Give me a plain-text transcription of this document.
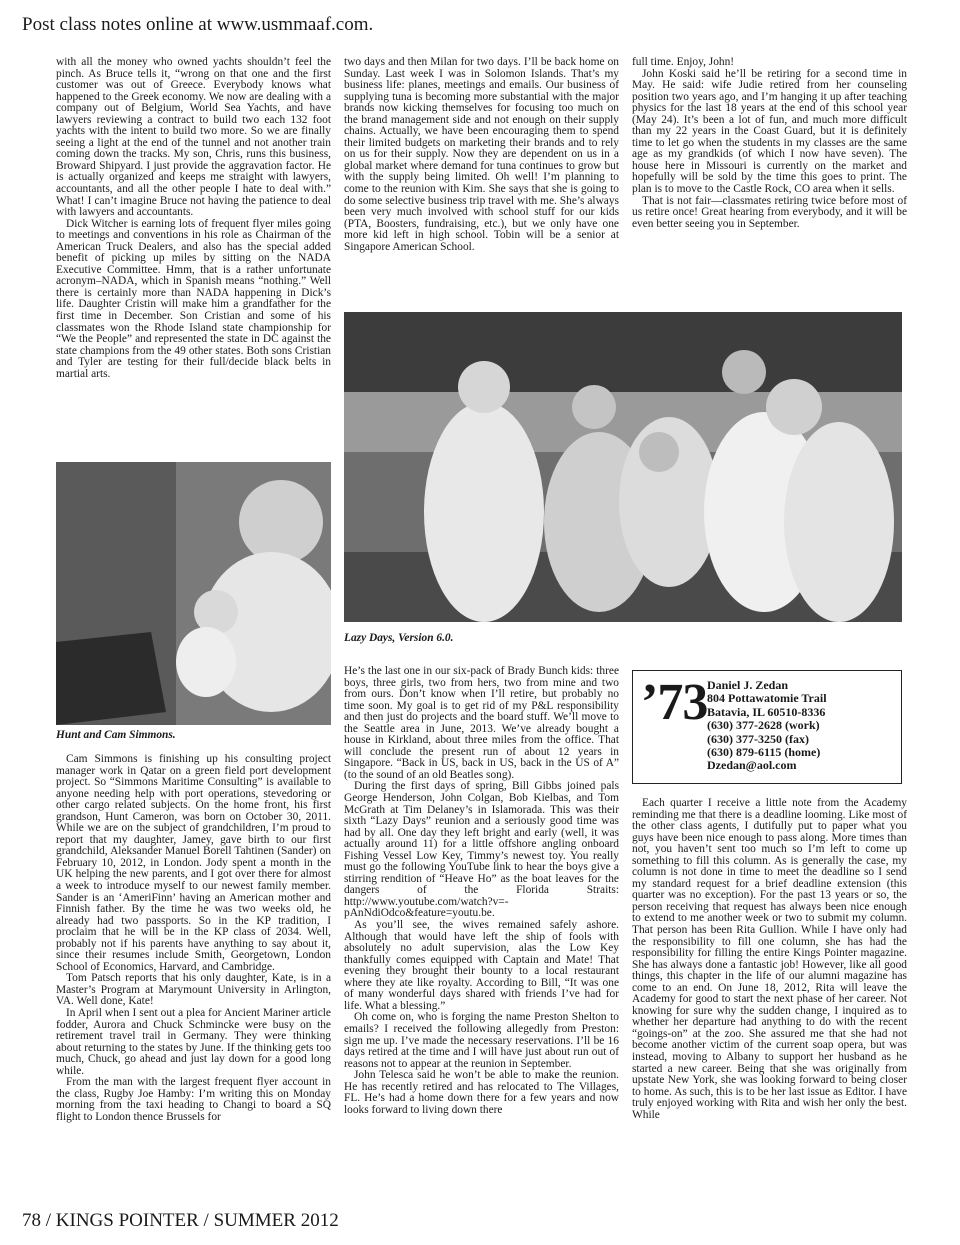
Post class notes online at www.usmmaaf.com.

with all the money who owned yachts shouldn’t feel the pinch. As Bruce tells it, “wrong on that one and the first customer was out of Greece. Everybody knows what happened to the Greek economy. We now are dealing with a company out of Belgium, World Sea Yachts, and have lawyers reviewing a contract to build two each 132 foot yachts with the intent to build two more. So we are finally seeing a light at the end of the tunnel and not another train coming down the tracks. My son, Chris, runs this business, Broward Shipyard. I just provide the aggravation factor. He is actually organized and keeps me straight with lawyers, accountants, and all the other people I hate to deal with.” What! I can’t imagine Bruce not having the patience to deal with lawyers and accountants.

Dick Witcher is earning lots of frequent flyer miles going to meetings and conventions in his role as Chairman of the American Truck Dealers, and also has the special added benefit of picking up miles by sitting on the NADA Executive Committee. Hmm, that is a rather unfortunate acronym–NADA, which in Spanish means “nothing.” Well there is certainly more than NADA happening in Dick’s life. Daughter Cristin will make him a grandfather for the first time in December. Son Cristian and some of his classmates won the Rhode Island state championship for “We the People” and represented the state in DC against the state champions from the 49 other states. Both sons Cristian and Tyler are testing for their full/decide black belts in martial arts.

Hunt and Cam Simmons.

Cam Simmons is finishing up his consulting project manager work in Qatar on a green field port development project. So “Simmons Maritime Consulting” is available to anyone needing help with port operations, stevedoring or other cargo related subjects. On the home front, his first grandson, Hunt Cameron, was born on October 30, 2011. While we are on the subject of grandchildren, I’m proud to report that my daughter, Jamey, gave birth to our first grandchild, Aleksander Manuel Borell Tahtinen (Sander) on February 10, 2012, in London. Jody spent a month in the UK helping the new parents, and I got over there for almost a week to introduce myself to our newest family member. Sander is an ‘AmeriFinn’ having an American mother and Finnish father. By the time he was two weeks old, he already had two passports. So in the KP tradition, I proclaim that he will be in the KP class of 2034. Well, probably not if his parents have anything to say about it, since their resumes include Smith, Georgetown, London School of Economics, Harvard, and Cambridge.

Tom Patsch reports that his only daughter, Kate, is in a Master’s Program at Marymount University in Arlington, VA. Well done, Kate!

In April when I sent out a plea for Ancient Mariner article fodder, Aurora and Chuck Schmincke were busy on the retirement travel trail in Germany. They were thinking about returning to the states by June. If the thinking gets too much, Chuck, go ahead and just lay down for a good long while.

From the man with the largest frequent flyer account in the class, Rugby Joe Hamby: I’m writing this on Monday morning from the taxi heading to Changi to board a SQ flight to London thence Brussels for

two days and then Milan for two days. I’ll be back home on Sunday. Last week I was in Solomon Islands. That’s my business life: planes, meetings and emails. Our business of supplying tuna is becoming more substantial with the major brands now kicking themselves for focusing too much on the brand management side and not enough on their supply chains. Actually, we have been encouraging them to spend their limited budgets on marketing their brands and to rely on us for their supply. Now they are dependent on us in a global market where demand for tuna continues to grow but with the supply being limited. Oh well! I’m planning to come to the reunion with Kim. She says that she is going to do some selective business trip travel with me. She’s always been very much involved with school stuff for our kids (PTA, Boosters, fundraising, etc.), but we only have one more kid left in high school. Tobin will be a senior at Singapore American School.

Lazy Days, Version 6.0.

He’s the last one in our six-pack of Brady Bunch kids: three boys, three girls, two from hers, two from mine and two from ours. Don’t know when I’ll retire, but probably no time soon. My goal is to get rid of my P&L responsibility and then just do projects and the board stuff. We’ll move to the Seattle area in June, 2013. We’ve already bought a house in Kirkland, about three miles from the office. That will conclude the present run of about 12 years in Singapore. “Back in US, back in US, back in the US of A” (to the sound of an old Beatles song).

During the first days of spring, Bill Gibbs joined pals George Henderson, John Colgan, Bob Kielbas, and Tom McGrath at Tim Delaney’s in Islamorada. This was their sixth “Lazy Days” reunion and a seriously good time was had by all. One day they left bright and early (well, it was actually around 11) for a little offshore angling onboard Fishing Vessel Low Key, Timmy’s newest toy. You really must go the following YouTube link to hear the boys give a stirring rendition of “Heave Ho” as the boat leaves for the dangers of the Florida Straits: http://www.youtube.com/watch?v=-pAnNdiOdco&feature=youtu.be.

As you’ll see, the wives remained safely ashore. Although that would have left the ship of fools with absolutely no adult supervision, alas the Low Key thankfully comes equipped with Captain and Mate! That evening they brought their bounty to a local restaurant where they ate like royalty. According to Bill, “It was one of many wonderful days shared with friends I’ve had for life. What a blessing.”

Oh come on, who is forging the name Preston Shelton to emails? I received the following allegedly from Preston: sign me up. I’ve made the necessary reservations. I’ll be 16 days retired at the time and I will have just about run out of reasons not to appear at the reunion in September.

John Telesca said he won’t be able to make the reunion. He has recently retired and has relocated to The Villages, FL. He’s had a home down there for a few years and now looks forward to living down there

full time. Enjoy, John!

John Koski said he’ll be retiring for a second time in May. He said: wife Judie retired from her counseling position two years ago, and I’m hanging it up after teaching physics for the last 18 years at the end of this school year (May 24). It’s been a lot of fun, and much more difficult than my 22 years in the Coast Guard, but it is definitely time to let go when the students in my classes are the same age as my grandkids (of which I now have seven). The house here in Missouri is currently on the market and hopefully will be sold by the time this goes to print. The plan is to move to the Castle Rock, CO area when it sells.

That is not fair—classmates retiring twice before most of us retire once! Great hearing from everybody, and it will be even better seeing you in September.

’73 Daniel J. Zedan
804 Pottawatomie Trail
Batavia, IL 60510-8336
(630) 377-2628 (work)
(630) 377-3250 (fax)
(630) 879-6115 (home)
Dzedan@aol.com

Each quarter I receive a little note from the Academy reminding me that there is a deadline looming. Like most of the other class agents, I dutifully put to paper what you guys have been nice enough to pass along. More times than not, you haven’t sent too much so I’m left to come up something to fill this column. As is generally the case, my column is not done in time to meet the deadline so I send my standard request for a brief deadline extension (this quarter was no exception). For the past 13 years or so, the person receiving that request has always been nice enough to extend to me another week or two to submit my column. That person has been Rita Gullion. While I have only had the responsibility to fill one column, she has had the responsibility for filling the entire Kings Pointer magazine. She has always done a fantastic job! However, like all good things, this chapter in the life of our alumni magazine has come to an end. On June 18, 2012, Rita will leave the Academy for good to start the next phase of her career. Not knowing for sure why the sudden change, I inquired as to whether her departure had anything to do with the recent “goings-on” at the zoo. She assured me that she had not become another victim of the current soap opera, but was instead, moving to Albany to support her husband as he started a new career. Being that she was originally from upstate New York, she was looking forward to being closer to home. As such, this is to be her last issue as Editor. I have truly enjoyed working with Rita and wish her only the best. While

78 / KINGS POINTER / SUMMER 2012
